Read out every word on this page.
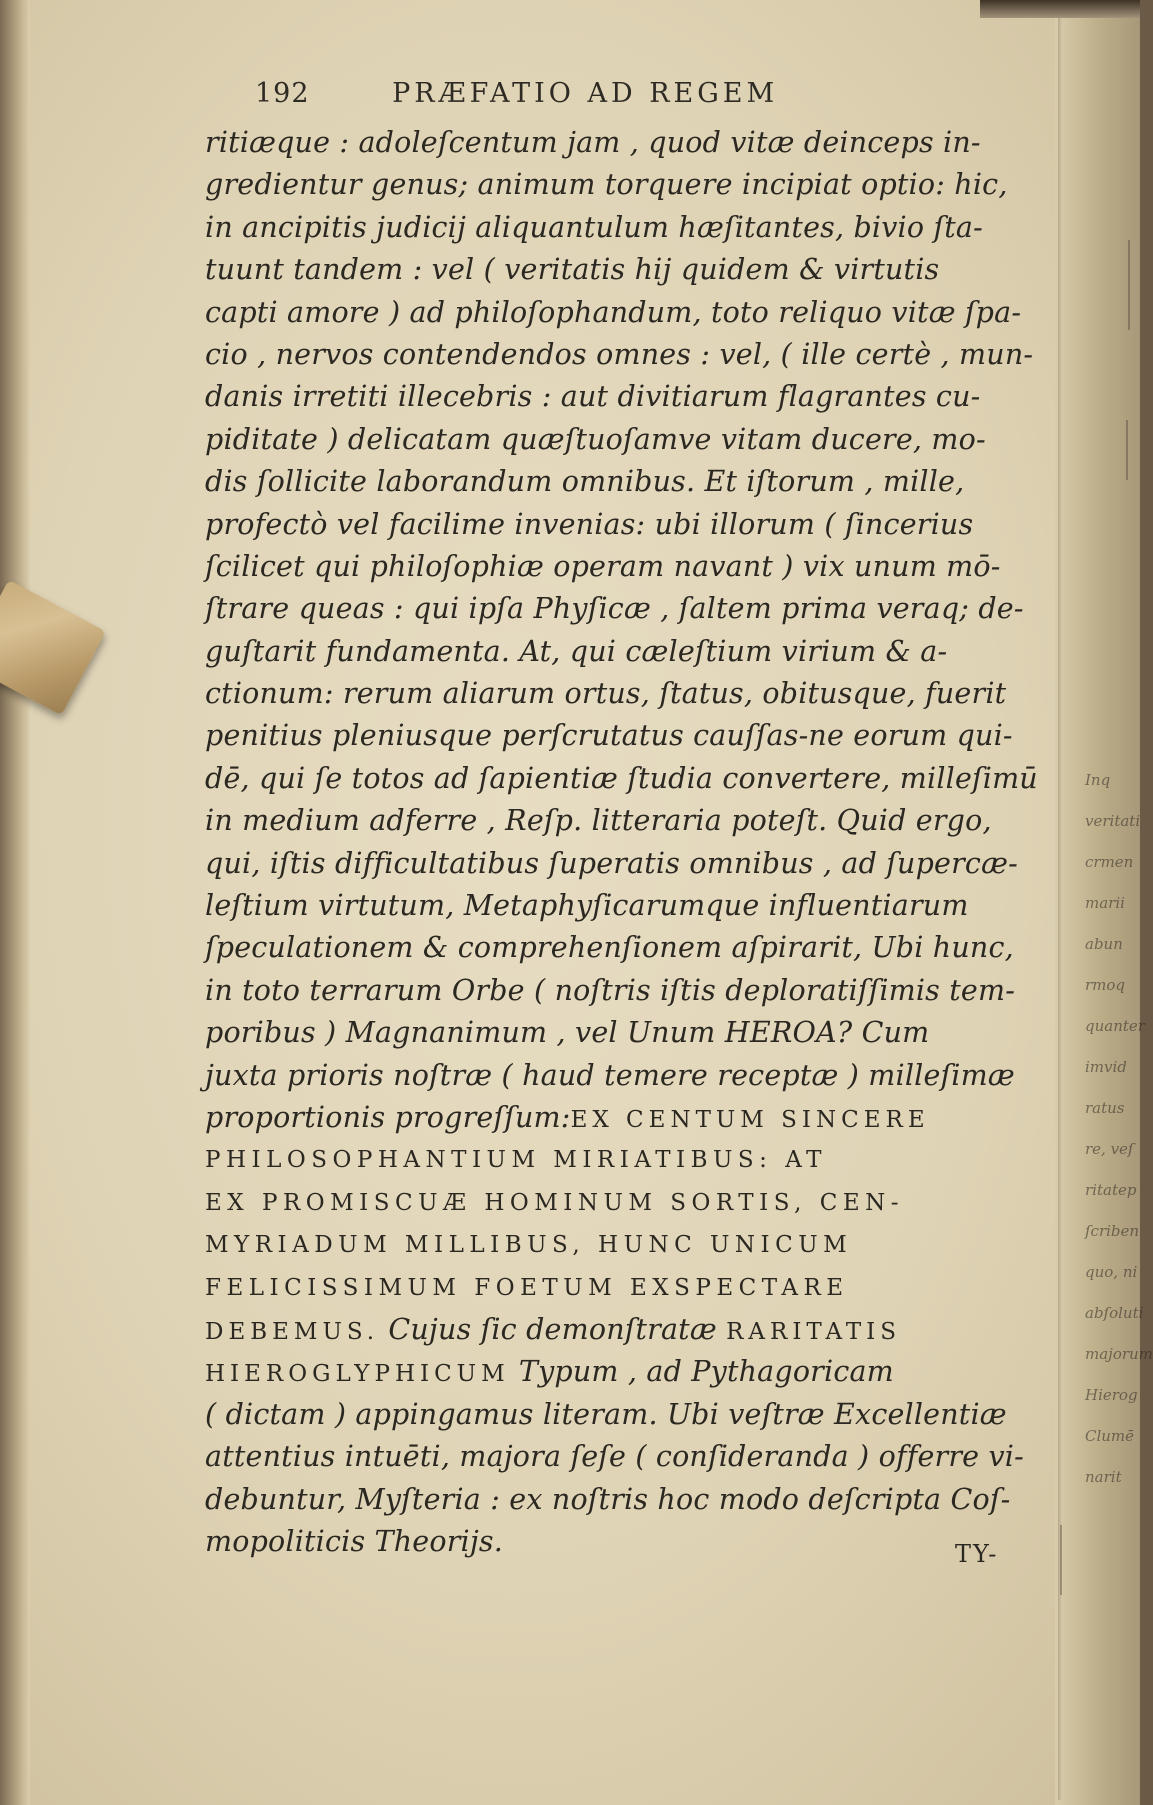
192	PRÆFATIO AD REGEM
ritiæque : adoleſcentum jam , quod vitæ deinceps in-
gredientur genus; animum torquere incipiat optio: hic,
in ancipitis judicij aliquantulum hæſitantes, bivio ſta-
tuunt tandem : vel ( veritatis hij quidem & virtutis
capti amore ) ad philoſophandum, toto reliquo vitæ ſpa-
cio , nervos contendendos omnes : vel, ( ille certè , mun-
danis irretiti illecebris : aut divitiarum flagrantes cu-
piditate ) delicatam quæſtuoſamve vitam ducere, mo-
dis ſollicite laborandum omnibus. Et iſtorum , mille,
profectò vel facilime invenias: ubi illorum ( ſincerius
ſcilicet qui philoſophiæ operam navant ) vix unum mō-
ſtrare queas : qui ipſa Phyſicæ , ſaltem prima veraq; de-
guſtarit fundamenta. At, qui cæleſtium virium & a-
ctionum: rerum aliarum ortus, ſtatus, obitusque, fuerit
penitius pleniusque perſcrutatus cauſſas-ne eorum qui-
dē, qui ſe totos ad ſapientiæ ſtudia convertere, milleſimū
in medium adferre , Reſp. litteraria poteſt. Quid ergo,
qui, iſtis difficultatibus ſuperatis omnibus , ad ſupercæ-
leſtium virtutum, Metaphyſicarumque influentiarum
ſpeculationem & comprehenſionem aſpirarit, Ubi hunc,
in toto terrarum Orbe ( noſtris iſtis deploratiſſimis tem-
poribus ) Magnanimum , vel Unum HEROA? Cum
juxta prioris noſtræ ( haud temere receptæ ) milleſimæ
proportionis progreſſum:EX CENTUM SINCERE
PHILOSOPHANTIUM MIRIATIBUS: AT
EX PROMISCUÆ HOMINUM SORTIS, CEN-
MYRIADUM MILLIBUS, HUNC UNICUM
FELICISSIMUM FOETUM EXSPECTARE
DEBEMUS. Cujus ſic demonſtratæ RARITATIS
HIEROGLYPHICUM Typum , ad Pythagoricam
( dictam ) appingamus literam. Ubi veſtræ Excellentiæ
attentius intuēti, majora ſeſe ( conſideranda ) offerre vi-
debuntur, Myſteria : ex noſtris hoc modo deſcripta Coſ-
mopoliticis Theorijs.	TY-
Inq
veritati
crmen
marii
abun
rmoq
quanter
imvid
ratus
re, veſ
ritatep
ſcriben
quo, ni
abſoluti
majorum
Hierog
Clumē
narit
